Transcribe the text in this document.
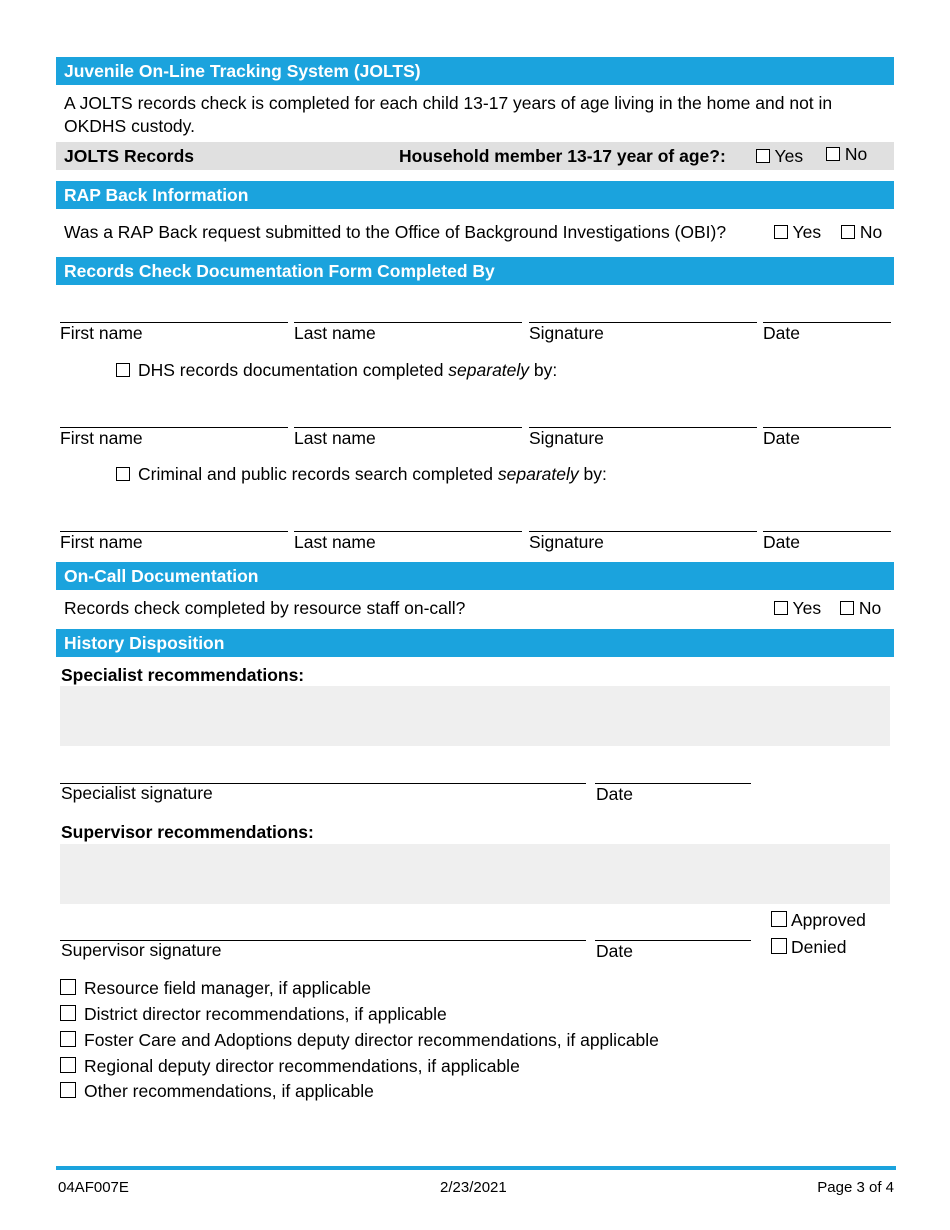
Juvenile On-Line Tracking System (JOLTS)
A JOLTS records check is completed for each child 13-17 years of age living in the home and not in OKDHS custody.
JOLTS Records	Household member 13-17 year of age?:	Yes	No
RAP Back Information
Was a RAP Back request submitted to the Office of Background Investigations (OBI)?	Yes	No
Records Check Documentation Form Completed By
First name	Last name	Signature	Date
DHS records documentation completed separately by:
First name	Last name	Signature	Date
Criminal and public records search completed separately by:
First name	Last name	Signature	Date
On-Call Documentation
Records check completed by resource staff on-call?	Yes	No
History Disposition
Specialist recommendations:
Specialist signature	Date
Supervisor recommendations:
Supervisor signature	Date
Approved
Denied
Resource field manager, if applicable
District director recommendations, if applicable
Foster Care and Adoptions deputy director recommendations, if applicable
Regional deputy director recommendations, if applicable
Other recommendations, if applicable
04AF007E	2/23/2021	Page 3 of 4
